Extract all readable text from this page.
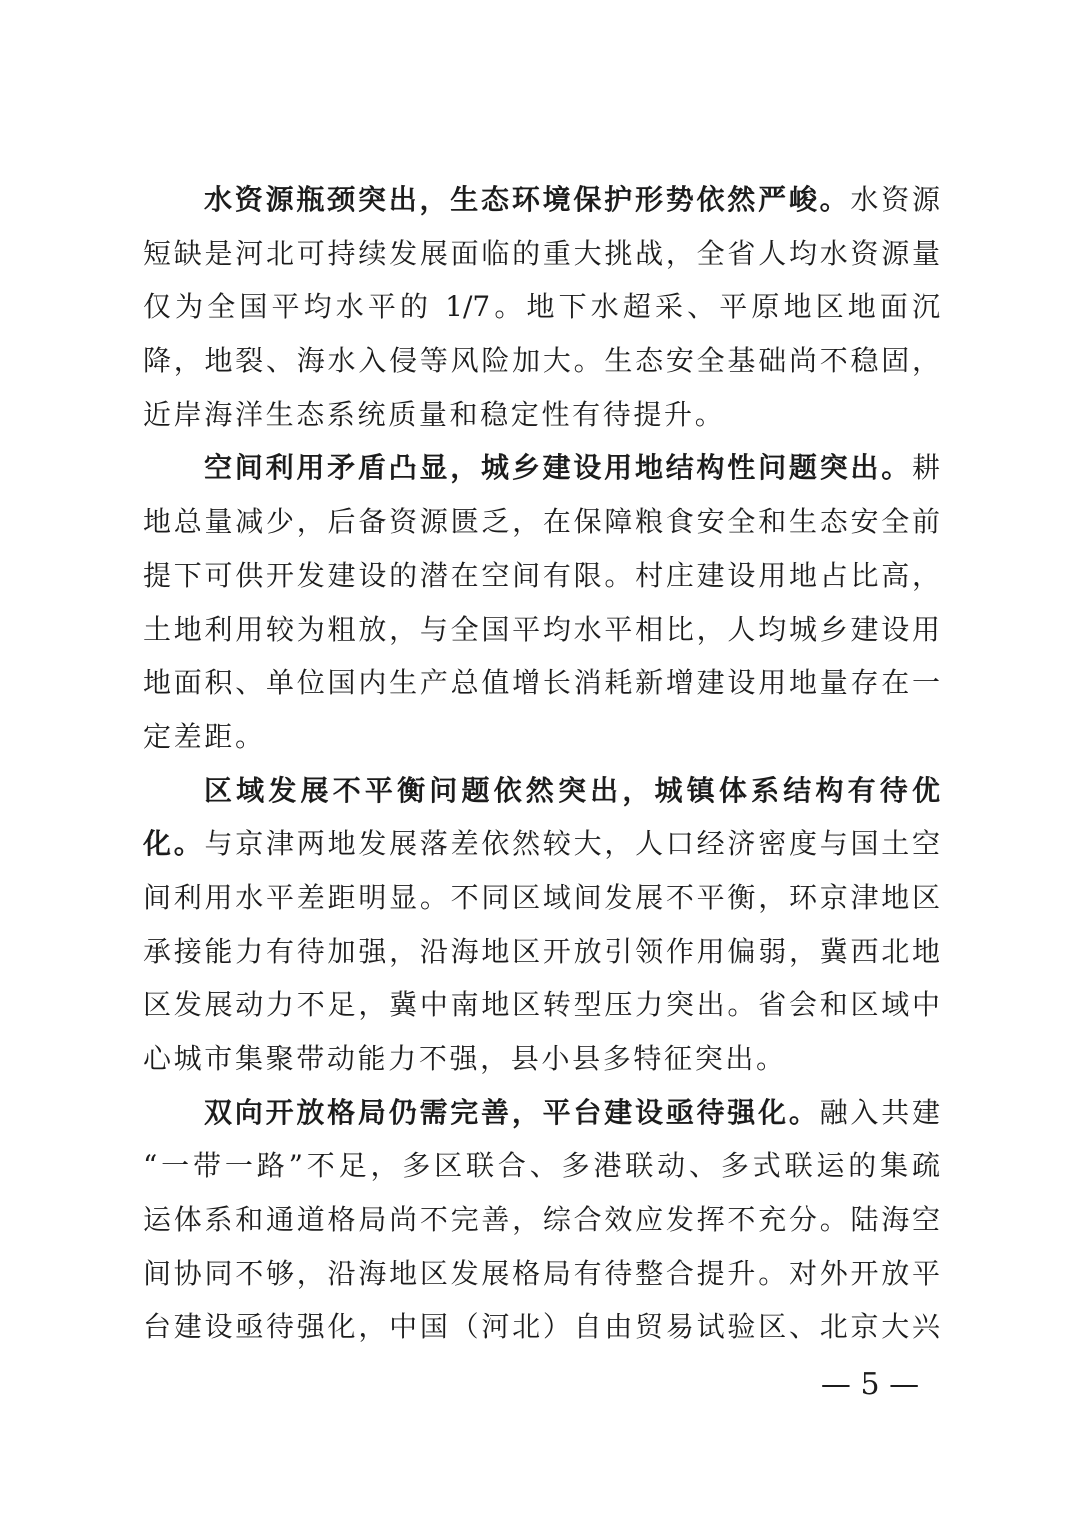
水资源瓶颈突出，生态环境保护形势依然严峻。水资源
短缺是河北可持续发展面临的重大挑战，全省人均水资源量
仅为全国平均水平的 1/7。地下水超采、平原地区地面沉
降，地裂、海水入侵等风险加大。生态安全基础尚不稳固，
近岸海洋生态系统质量和稳定性有待提升。
空间利用矛盾凸显，城乡建设用地结构性问题突出。耕
地总量减少，后备资源匮乏，在保障粮食安全和生态安全前
提下可供开发建设的潜在空间有限。村庄建设用地占比高，
土地利用较为粗放，与全国平均水平相比，人均城乡建设用
地面积、单位国内生产总值增长消耗新增建设用地量存在一
定差距。
区域发展不平衡问题依然突出，城镇体系结构有待优
化。与京津两地发展落差依然较大，人口经济密度与国土空
间利用水平差距明显。不同区域间发展不平衡，环京津地区
承接能力有待加强，沿海地区开放引领作用偏弱，冀西北地
区发展动力不足，冀中南地区转型压力突出。省会和区域中
心城市集聚带动能力不强，县小县多特征突出。
双向开放格局仍需完善，平台建设亟待强化。融入共建
“一带一路”不足，多区联合、多港联动、多式联运的集疏
运体系和通道格局尚不完善，综合效应发挥不充分。陆海空
间协同不够，沿海地区发展格局有待整合提升。对外开放平
台建设亟待强化，中国（河北）自由贸易试验区、北京大兴
— 5 —
